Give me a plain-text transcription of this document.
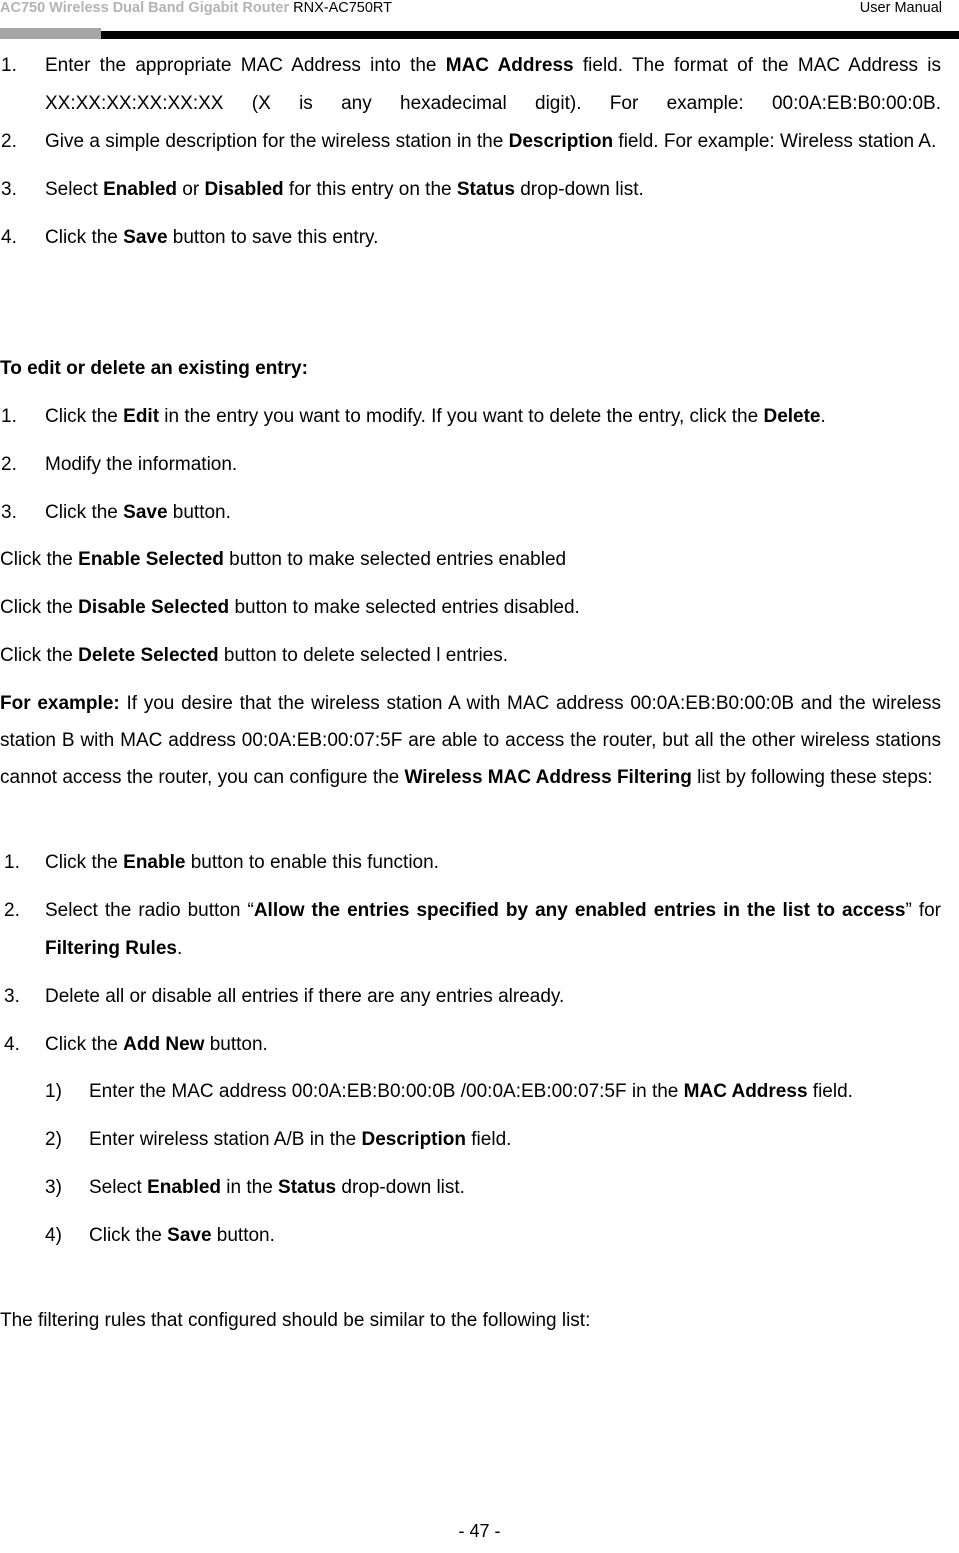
AC750 Wireless Dual Band Gigabit Router RNX-AC750RT	User Manual
1. Enter the appropriate MAC Address into the MAC Address field. The format of the MAC Address is XX:XX:XX:XX:XX:XX (X is any hexadecimal digit). For example: 00:0A:EB:B0:00:0B.
2. Give a simple description for the wireless station in the Description field. For example: Wireless station A.
3. Select Enabled or Disabled for this entry on the Status drop-down list.
4. Click the Save button to save this entry.
To edit or delete an existing entry:
1. Click the Edit in the entry you want to modify. If you want to delete the entry, click the Delete.
2. Modify the information.
3. Click the Save button.
Click the Enable Selected button to make selected entries enabled
Click the Disable Selected button to make selected entries disabled.
Click the Delete Selected button to delete selected l entries.
For example: If you desire that the wireless station A with MAC address 00:0A:EB:B0:00:0B and the wireless station B with MAC address 00:0A:EB:00:07:5F are able to access the router, but all the other wireless stations cannot access the router, you can configure the Wireless MAC Address Filtering list by following these steps:
1. Click the Enable button to enable this function.
2. Select the radio button “Allow the entries specified by any enabled entries in the list to access” for Filtering Rules.
3. Delete all or disable all entries if there are any entries already.
4. Click the Add New button.
1) Enter the MAC address 00:0A:EB:B0:00:0B /00:0A:EB:00:07:5F in the MAC Address field.
2) Enter wireless station A/B in the Description field.
3) Select Enabled in the Status drop-down list.
4) Click the Save button.
The filtering rules that configured should be similar to the following list:
- 47 -
